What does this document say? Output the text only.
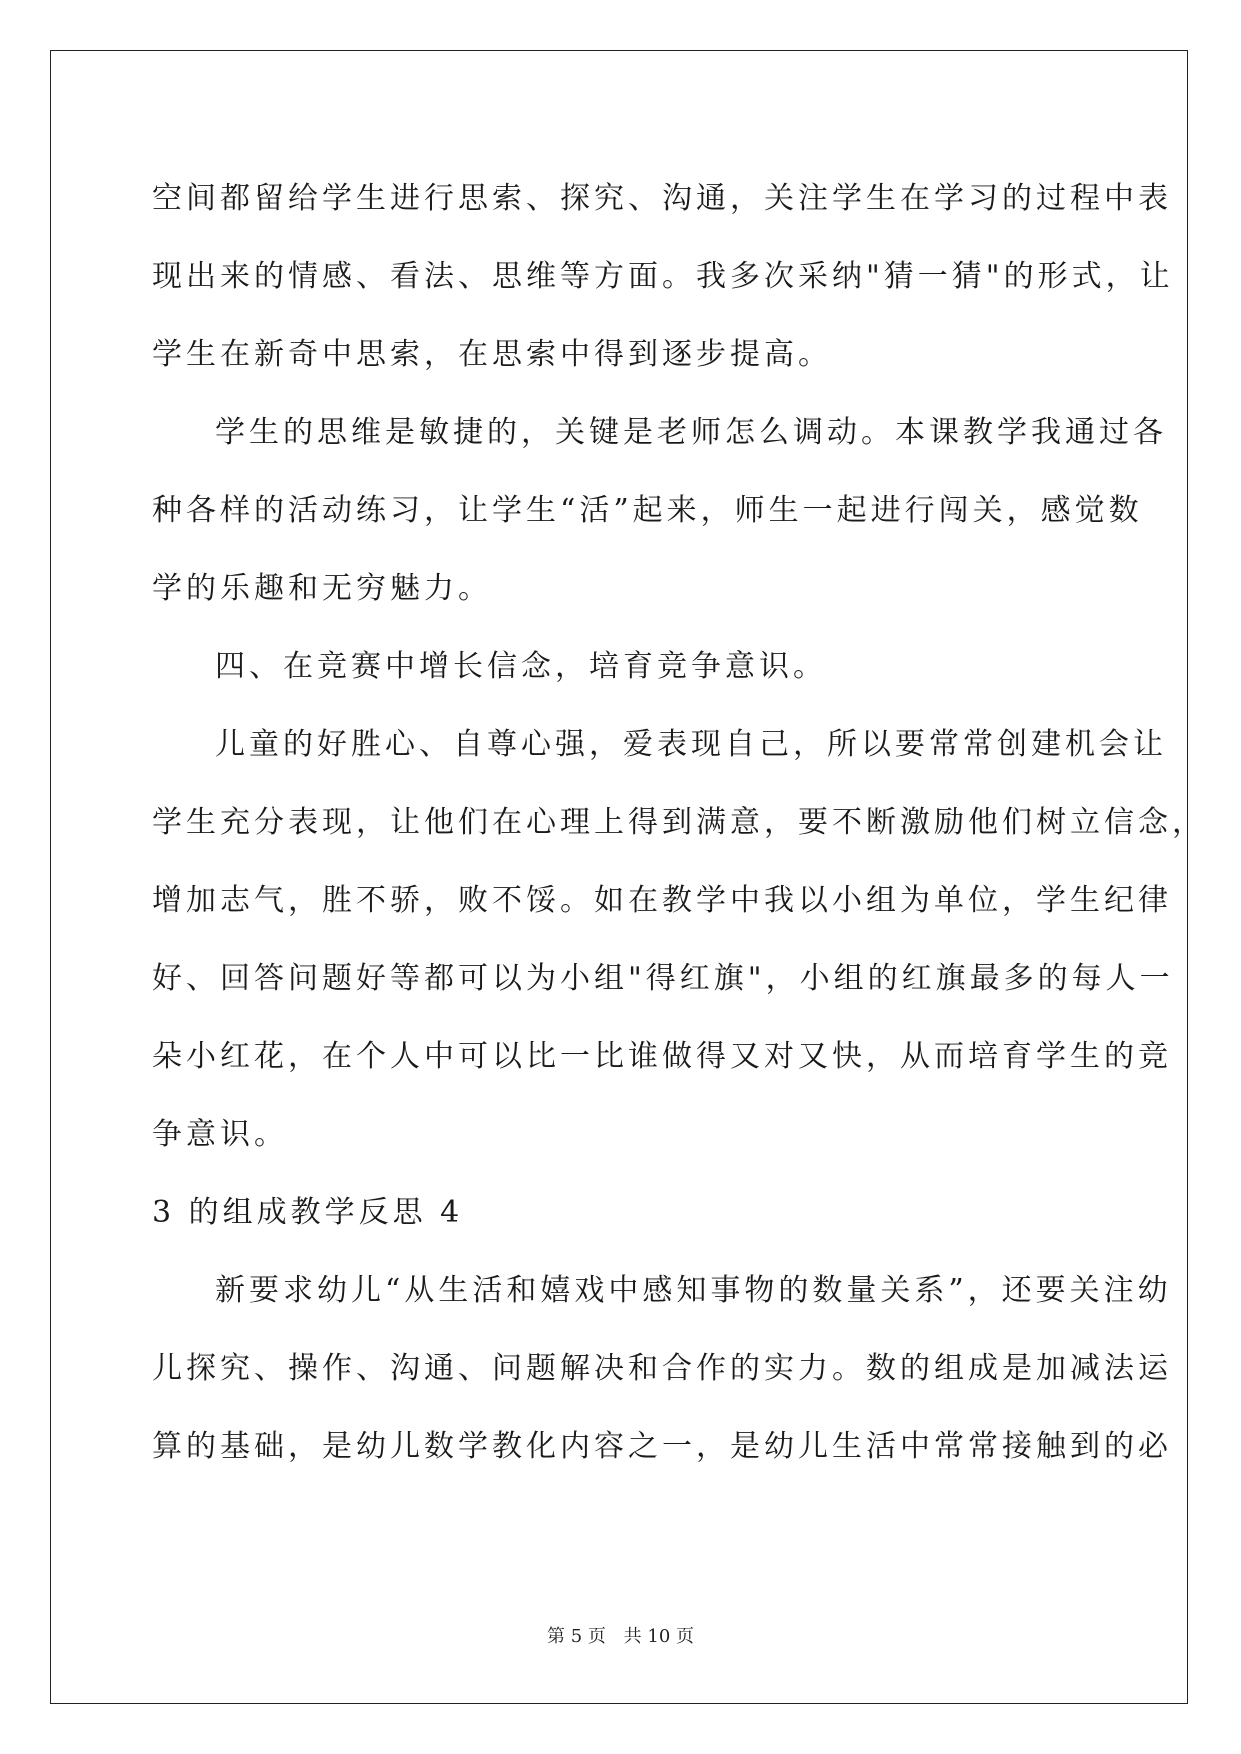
空间都留给学生进行思索、探究、沟通，关注学生在学习的过程中表
现出来的情感、看法、思维等方面。我多次采纳"猜一猜"的形式，让
学生在新奇中思索，在思索中得到逐步提高。
学生的思维是敏捷的，关键是老师怎么调动。本课教学我通过各
种各样的活动练习，让学生“活”起来，师生一起进行闯关，感觉数
学的乐趣和无穷魅力。
四、在竞赛中增长信念，培育竞争意识。
儿童的好胜心、自尊心强，爱表现自己，所以要常常创建机会让
学生充分表现，让他们在心理上得到满意，要不断激励他们树立信念，
增加志气，胜不骄，败不馁。如在教学中我以小组为单位，学生纪律
好、回答问题好等都可以为小组"得红旗"，小组的红旗最多的每人一
朵小红花，在个人中可以比一比谁做得又对又快，从而培育学生的竞
争意识。
3 的组成教学反思 4
新要求幼儿“从生活和嬉戏中感知事物的数量关系”，还要关注幼
儿探究、操作、沟通、问题解决和合作的实力。数的组成是加减法运
算的基础，是幼儿数学教化内容之一，是幼儿生活中常常接触到的必
第 5 页 共 10 页
